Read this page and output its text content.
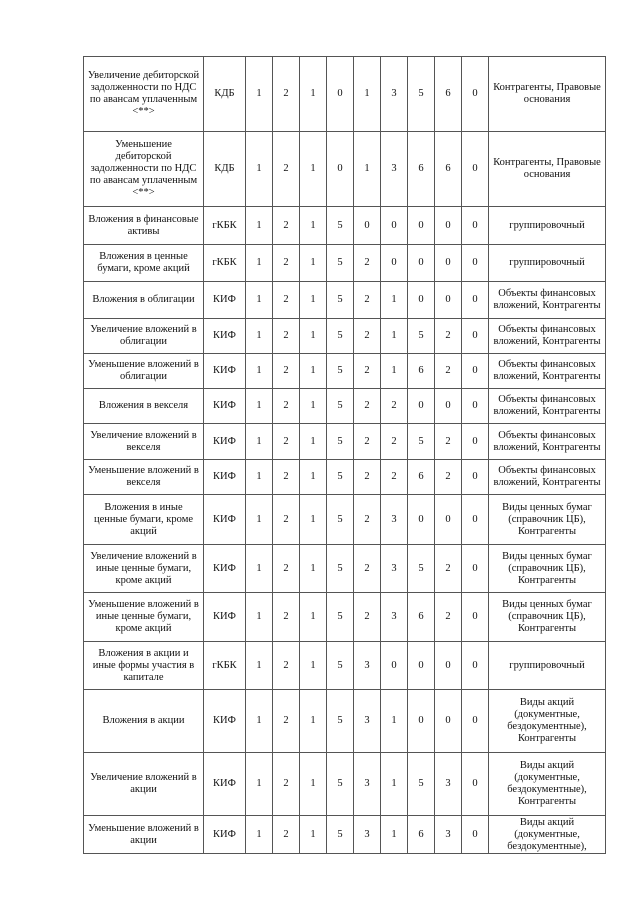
Увеличение дебиторской задолженности по НДС по авансам уплаченным <**>	КДБ	1	2	1	0	1	3	5	6	0	Контрагенты, Правовые основания
Уменьшение дебиторской задолженности по НДС по авансам уплаченным <**>	КДБ	1	2	1	0	1	3	6	6	0	Контрагенты, Правовые основания
Вложения в финансовые активы	гКБК	1	2	1	5	0	0	0	0	0	группировочный
Вложения в ценные бумаги, кроме акций	гКБК	1	2	1	5	2	0	0	0	0	группировочный
Вложения в облигации	КИФ	1	2	1	5	2	1	0	0	0	Объекты финансовых вложений, Контрагенты
Увеличение вложений в облигации	КИФ	1	2	1	5	2	1	5	2	0	Объекты финансовых вложений, Контрагенты
Уменьшение вложений в облигации	КИФ	1	2	1	5	2	1	6	2	0	Объекты финансовых вложений, Контрагенты
Вложения в векселя	КИФ	1	2	1	5	2	2	0	0	0	Объекты финансовых вложений, Контрагенты
Увеличение вложений в векселя	КИФ	1	2	1	5	2	2	5	2	0	Объекты финансовых вложений, Контрагенты
Уменьшение вложений в векселя	КИФ	1	2	1	5	2	2	6	2	0	Объекты финансовых вложений, Контрагенты
Вложения в иные ценные бумаги, кроме акций	КИФ	1	2	1	5	2	3	0	0	0	Виды ценных бумаг (справочник ЦБ), Контрагенты
Увеличение вложений в иные ценные бумаги, кроме акций	КИФ	1	2	1	5	2	3	5	2	0	Виды ценных бумаг (справочник ЦБ), Контрагенты
Уменьшение вложений в иные ценные бумаги, кроме акций	КИФ	1	2	1	5	2	3	6	2	0	Виды ценных бумаг (справочник ЦБ), Контрагенты
Вложения в акции и иные формы участия в капитале	гКБК	1	2	1	5	3	0	0	0	0	группировочный
Вложения в акции	КИФ	1	2	1	5	3	1	0	0	0	Виды акций (документные, бездокументные), Контрагенты
Увеличение вложений в акции	КИФ	1	2	1	5	3	1	5	3	0	Виды акций (документные, бездокументные), Контрагенты
Уменьшение вложений в акции	КИФ	1	2	1	5	3	1	6	3	0	Виды акций (документные, бездокументные),
